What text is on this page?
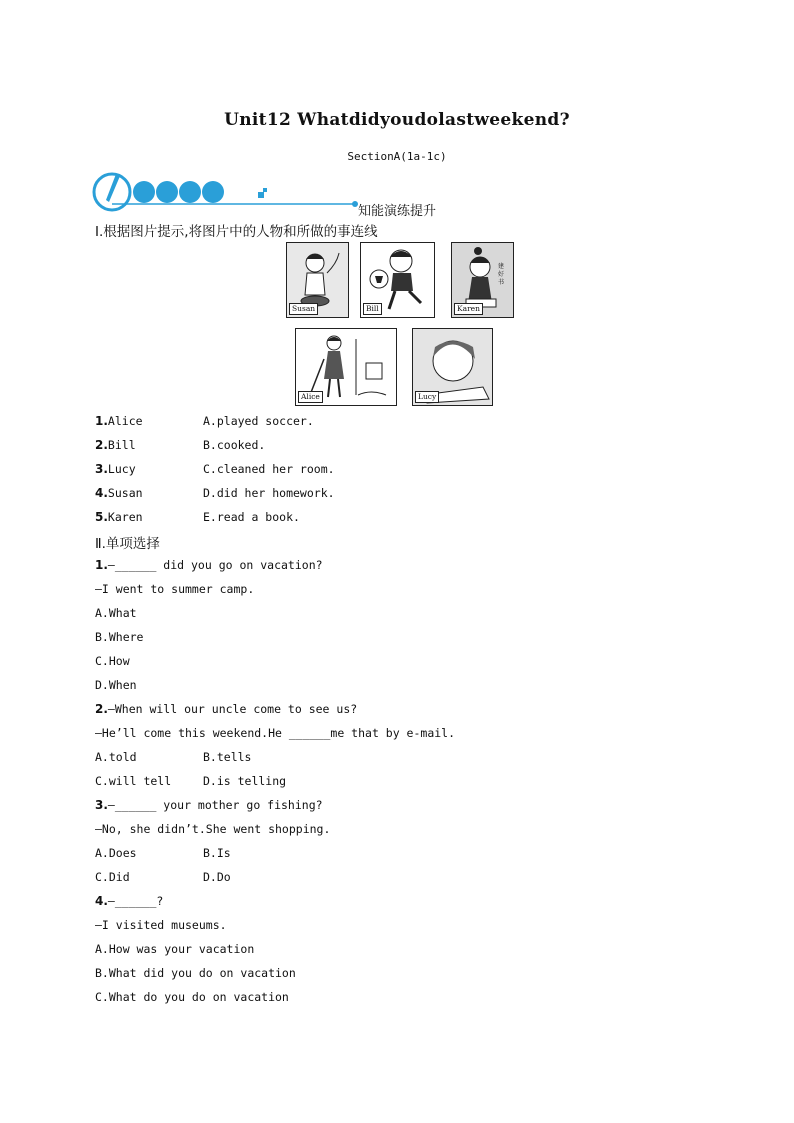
Unit12 Whatdidyoudolastweekend?
SectionA(1a-1c)
知能演练提升
Ⅰ.根据图片提示,将图片中的人物和所做的事连线
Susan	Bill
建好书
Karen
Alice	Lucy
1.Alice	A.played soccer.
2.Bill	B.cooked.
3.Lucy	C.cleaned her room.
4.Susan	D.did her homework.
5.Karen	E.read a book.
Ⅱ.单项选择
1.—______ did you go on vacation?
—I went to summer camp.
A.What
B.Where
C.How
D.When
2.—When will our uncle come to see us?
—He’ll come this weekend.He ______me that by e-mail.
A.told	B.tells
C.will tell	D.is telling
3.—______ your mother go fishing?
—No, she didn’t.She went shopping.
A.Does	B.Is
C.Did	D.Do
4.—______?
—I visited museums.
A.How was your vacation
B.What did you do on vacation
C.What do you do on vacation
